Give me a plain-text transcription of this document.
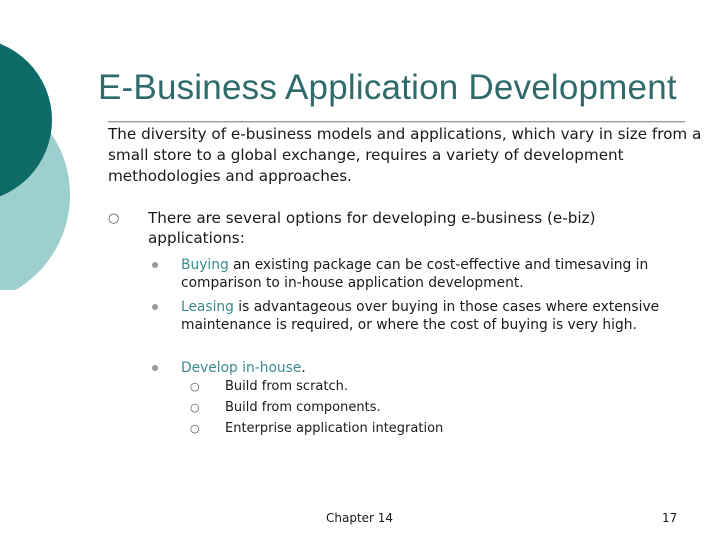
E-Business Application Development
The diversity of e-business models and applications, which vary in size from a small store to a global exchange, requires a variety of development methodologies and approaches.
○ There are several options for developing e-business (e-biz) applications:
Buying an existing package can be cost-effective and timesaving in comparison to in-house application development.
Leasing is advantageous over buying in those cases where extensive maintenance is required, or where the cost of buying is very high.
Develop in-house.
○ Build from scratch.
○ Build from components.
○ Enterprise application integration
Chapter 14	17
